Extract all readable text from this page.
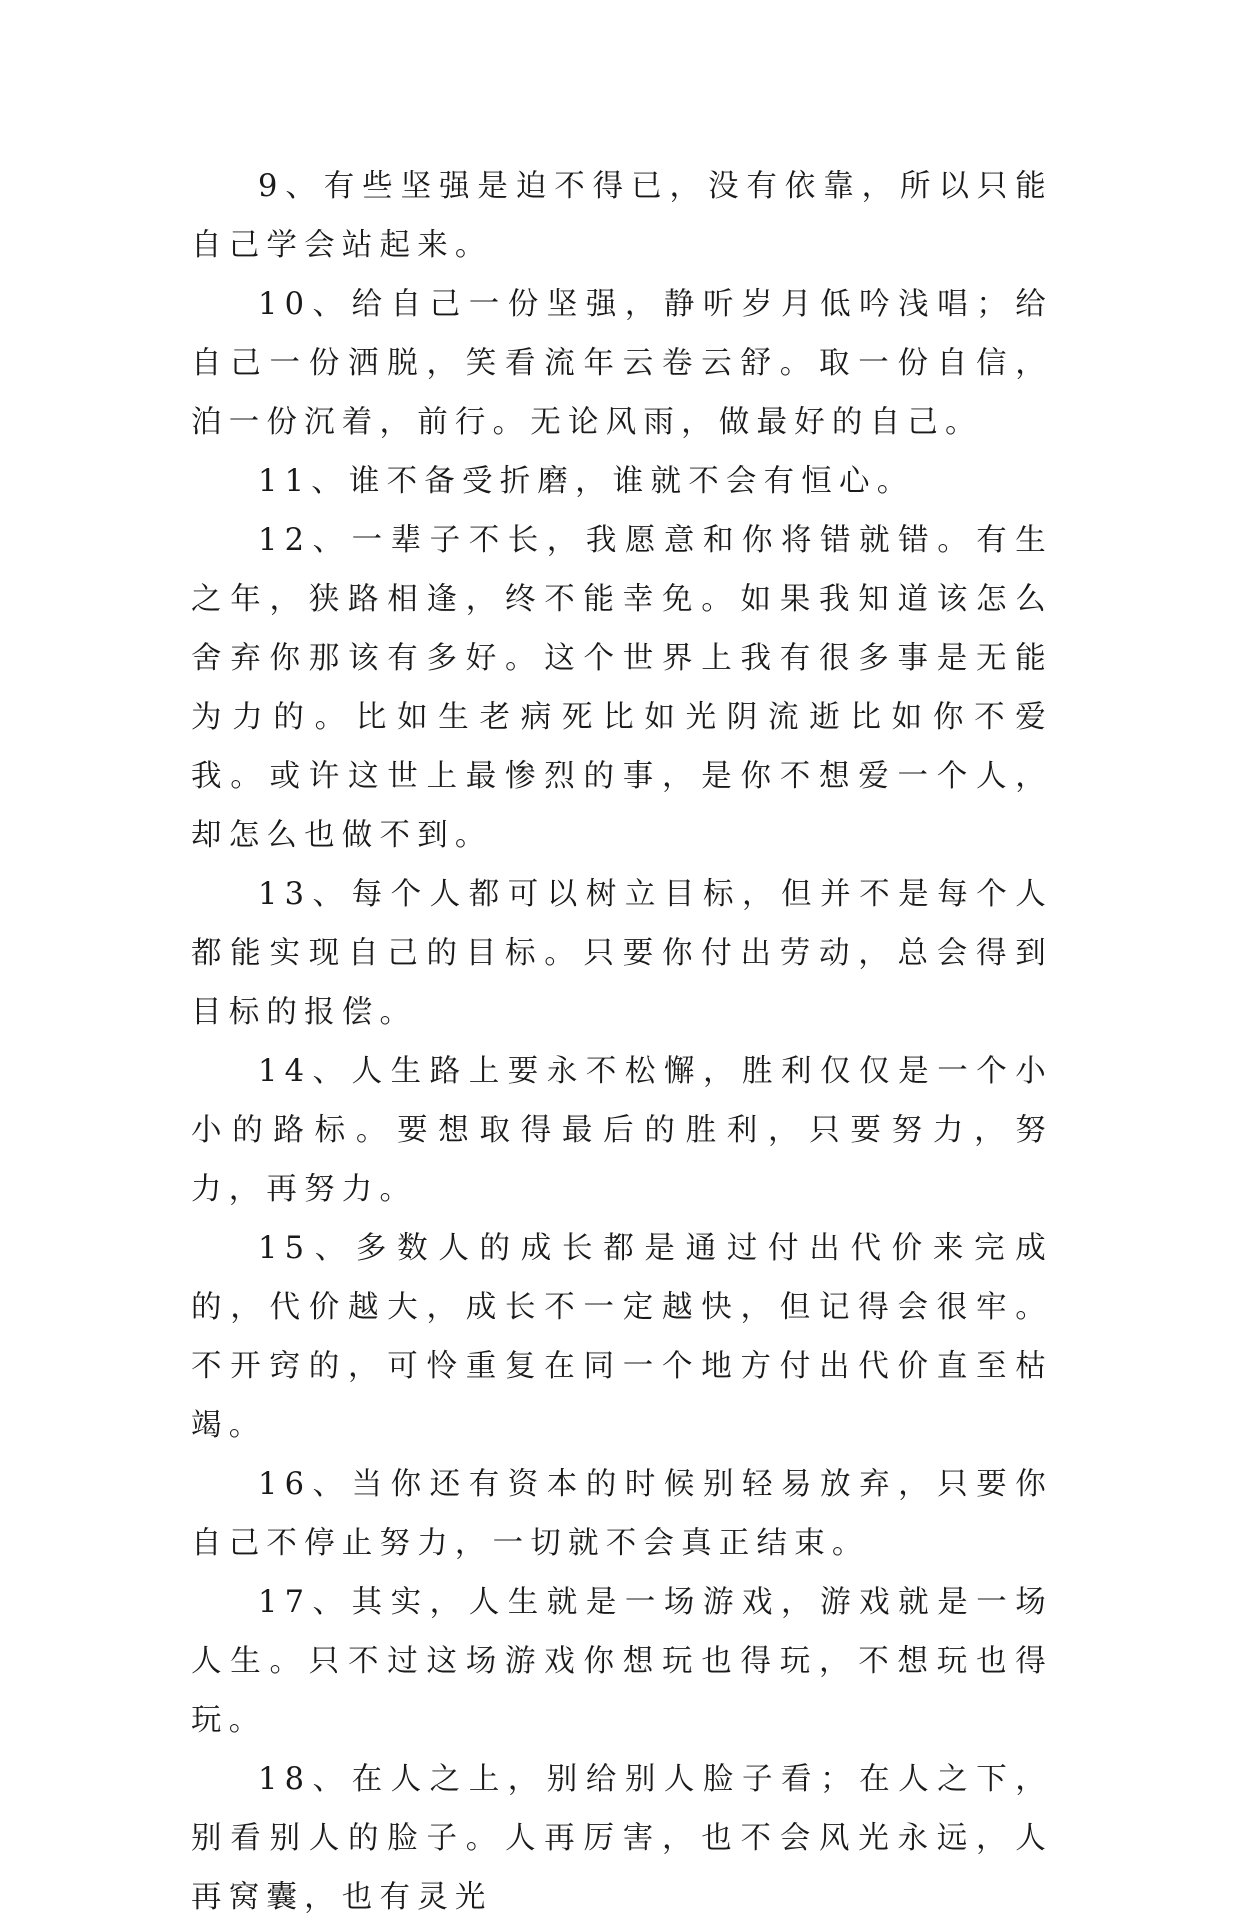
9、有些坚强是迫不得已，没有依靠，所以只能自己学会站起来。

10、给自己一份坚强，静听岁月低吟浅唱；给自己一份洒脱，笑看流年云卷云舒。取一份自信，泊一份沉着，前行。无论风雨，做最好的自己。

11、谁不备受折磨，谁就不会有恒心。

12、一辈子不长，我愿意和你将错就错。有生之年，狭路相逢，终不能幸免。如果我知道该怎么舍弃你那该有多好。这个世界上我有很多事是无能为力的。比如生老病死比如光阴流逝比如你不爱我。或许这世上最惨烈的事，是你不想爱一个人，却怎么也做不到。

13、每个人都可以树立目标，但并不是每个人都能实现自己的目标。只要你付出劳动，总会得到目标的报偿。

14、人生路上要永不松懈，胜利仅仅是一个小小的路标。要想取得最后的胜利，只要努力，努力，再努力。

15、多数人的成长都是通过付出代价来完成的，代价越大，成长不一定越快，但记得会很牢。不开窍的，可怜重复在同一个地方付出代价直至枯竭。

16、当你还有资本的时候别轻易放弃，只要你自己不停止努力，一切就不会真正结束。

17、其实，人生就是一场游戏，游戏就是一场人生。只不过这场游戏你想玩也得玩，不想玩也得玩。

18、在人之上，别给别人脸子看；在人之下，别看别人的脸子。人再厉害，也不会风光永远，人再窝囊，也有灵光
